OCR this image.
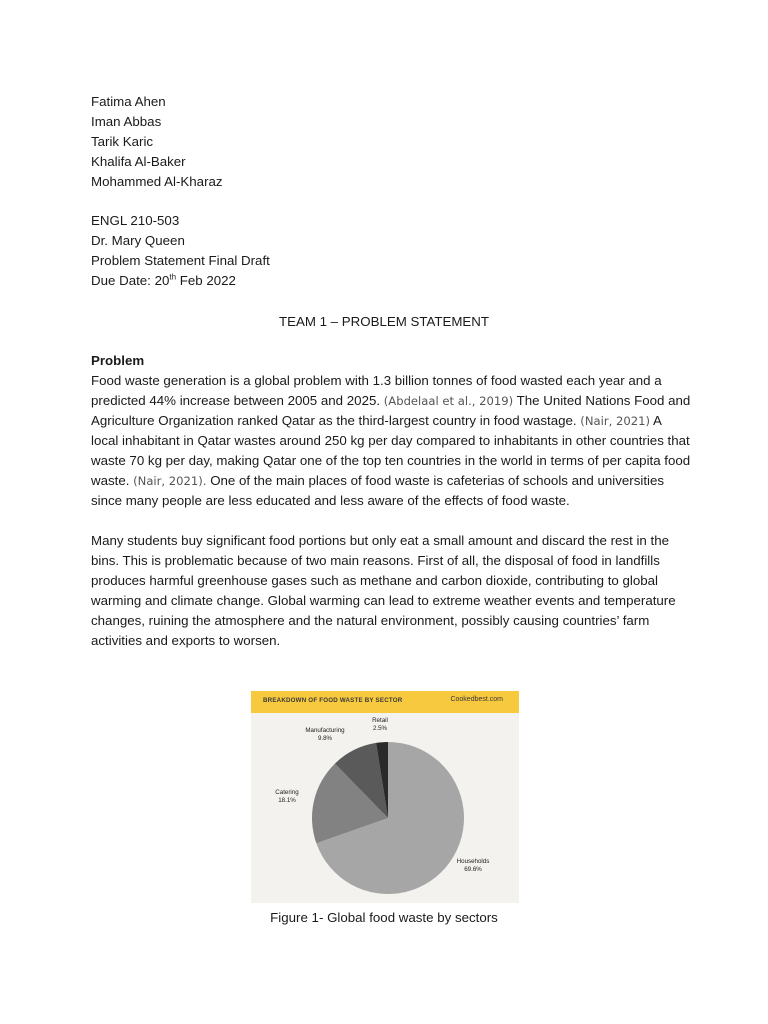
Fatima Ahen
Iman Abbas
Tarik Karic
Khalifa Al-Baker
Mohammed Al-Kharaz
ENGL 210-503
Dr. Mary Queen
Problem Statement Final Draft
Due Date: 20th Feb 2022
TEAM 1 – PROBLEM STATEMENT
Problem
Food waste generation is a global problem with 1.3 billion tonnes of food wasted each year and a predicted 44% increase between 2005 and 2025. (Abdelaal et al., 2019) The United Nations Food and Agriculture Organization ranked Qatar as the third-largest country in food wastage. (Nair, 2021) A local inhabitant in Qatar wastes around 250 kg per day compared to inhabitants in other countries that waste 70 kg per day, making Qatar one of the top ten countries in the world in terms of per capita food waste. (Nair, 2021). One of the main places of food waste is cafeterias of schools and universities since many people are less educated and less aware of the effects of food waste.
Many students buy significant food portions but only eat a small amount and discard the rest in the bins. This is problematic because of two main reasons. First of all, the disposal of food in landfills produces harmful greenhouse gases such as methane and carbon dioxide, contributing to global warming and climate change. Global warming can lead to extreme weather events and temperature changes, ruining the atmosphere and the natural environment, possibly causing countries’ farm activities and exports to worsen.
BREAKDOWN OF FOOD WASTE BY SECTOR	Cookedbest.com
Households
69.6%
Catering
18.1%
Manufacturing
9.8%
Retail
2.5%
Figure 1- Global food waste by sectors
